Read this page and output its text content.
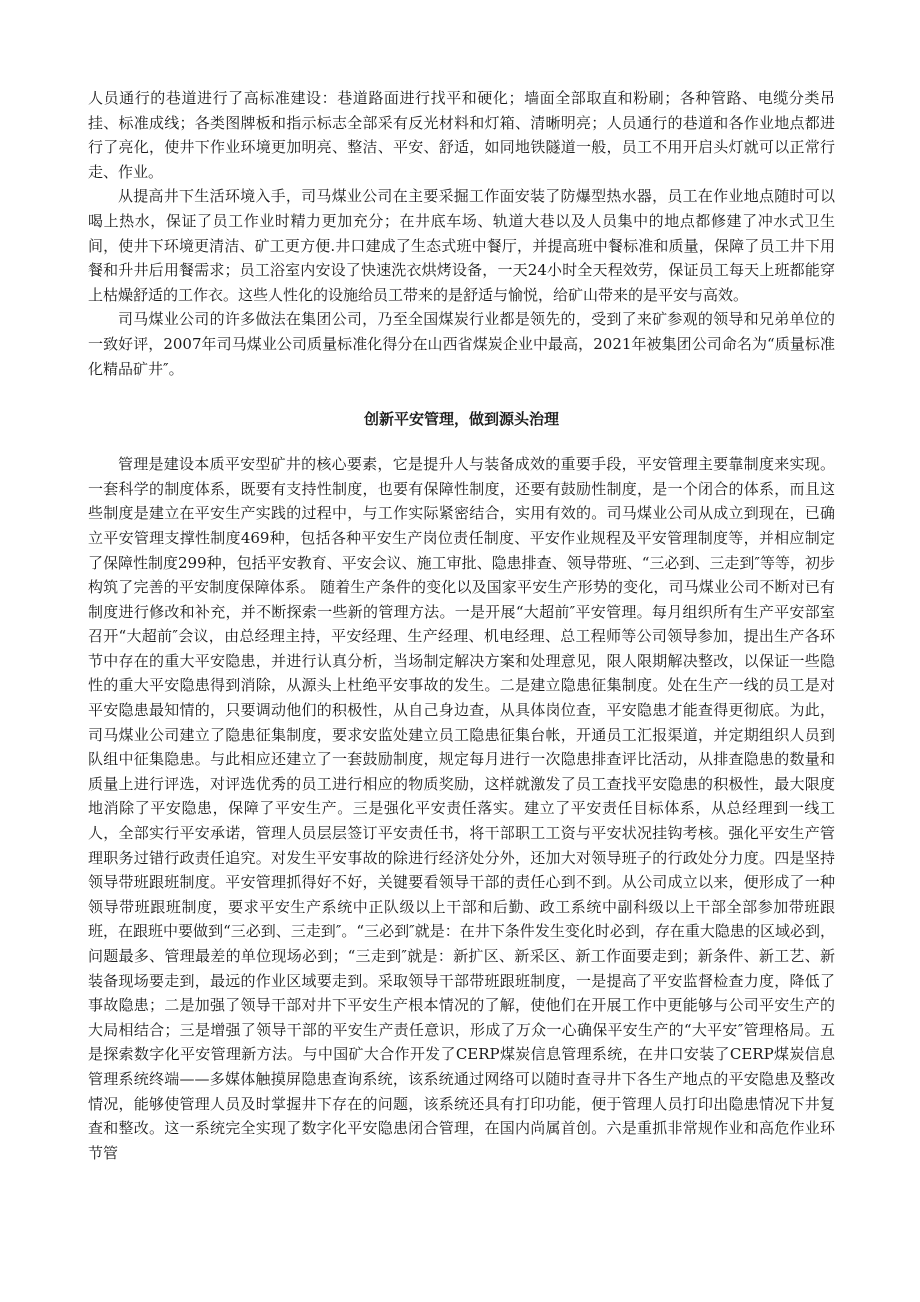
人员通行的巷道进行了高标准建设：巷道路面进行找平和硬化；墙面全部取直和粉刷；各种管路、电缆分类吊挂、标准成线；各类图牌板和指示标志全部采有反光材料和灯箱、清晰明亮；人员通行的巷道和各作业地点都进行了亮化，使井下作业环境更加明亮、整洁、平安、舒适，如同地铁隧道一般，员工不用开启头灯就可以正常行走、作业。

从提高井下生活环境入手，司马煤业公司在主要采掘工作面安装了防爆型热水器，员工在作业地点随时可以喝上热水，保证了员工作业时精力更加充分；在井底车场、轨道大巷以及人员集中的地点都修建了冲水式卫生间，使井下环境更清洁、矿工更方便.井口建成了生态式班中餐厅，并提高班中餐标准和质量，保障了员工井下用餐和升井后用餐需求；员工浴室内安设了快速洗衣烘烤设备，一天24小时全天程效劳，保证员工每天上班都能穿上枯燥舒适的工作衣。这些人性化的设施给员工带来的是舒适与愉悦，给矿山带来的是平安与高效。

司马煤业公司的许多做法在集团公司，乃至全国煤炭行业都是领先的，受到了来矿参观的领导和兄弟单位的一致好评，2007年司马煤业公司质量标准化得分在山西省煤炭企业中最高，2021年被集团公司命名为“质量标准化精品矿井″。

创新平安管理，做到源头治理

管理是建设本质平安型矿井的核心要素，它是提升人与装备成效的重要手段，平安管理主要靠制度来实现。一套科学的制度体系，既要有支持性制度，也要有保障性制度，还要有鼓励性制度，是一个闭合的体系，而且这些制度是建立在平安生产实践的过程中，与工作实际紧密结合，实用有效的。司马煤业公司从成立到现在，已确立平安管理支撑性制度469种，包括各种平安生产岗位责任制度、平安作业规程及平安管理制度等，并相应制定了保障性制度299种，包括平安教育、平安会议、施工审批、隐患排查、领导带班、“三必到、三走到″等等，初步构筑了完善的平安制度保障体系。 随着生产条件的变化以及国家平安生产形势的变化，司马煤业公司不断对已有制度进行修改和补充，并不断探索一些新的管理方法。一是开展“大超前″平安管理。每月组织所有生产平安部室召开“大超前″会议，由总经理主持，平安经理、生产经理、机电经理、总工程师等公司领导参加，提出生产各环节中存在的重大平安隐患，并进行认真分析，当场制定解决方案和处理意见，限人限期解决整改，以保证一些隐性的重大平安隐患得到消除，从源头上杜绝平安事故的发生。二是建立隐患征集制度。处在生产一线的员工是对平安隐患最知情的，只要调动他们的积极性，从自己身边查，从具体岗位查，平安隐患才能查得更彻底。为此，司马煤业公司建立了隐患征集制度，要求安监处建立员工隐患征集台帐，开通员工汇报渠道，并定期组织人员到队组中征集隐患。与此相应还建立了一套鼓励制度，规定每月进行一次隐患排查评比活动，从排查隐患的数量和质量上进行评选，对评选优秀的员工进行相应的物质奖励，这样就激发了员工查找平安隐患的积极性，最大限度地消除了平安隐患，保障了平安生产。三是强化平安责任落实。建立了平安责任目标体系，从总经理到一线工人，全部实行平安承诺，管理人员层层签订平安责任书，将干部职工工资与平安状况挂钩考核。强化平安生产管理职务过错行政责任追究。对发生平安事故的除进行经济处分外，还加大对领导班子的行政处分力度。四是坚持领导带班跟班制度。平安管理抓得好不好，关键要看领导干部的责任心到不到。从公司成立以来，便形成了一种领导带班跟班制度，要求平安生产系统中正队级以上干部和后勤、政工系统中副科级以上干部全部参加带班跟班，在跟班中要做到“三必到、三走到″。“三必到″就是：在井下条件发生变化时必到，存在重大隐患的区域必到，问题最多、管理最差的单位现场必到；“三走到″就是：新扩区、新采区、新工作面要走到；新条件、新工艺、新装备现场要走到，最远的作业区域要走到。采取领导干部带班跟班制度，一是提高了平安监督检查力度，降低了事故隐患；二是加强了领导干部对井下平安生产根本情况的了解，使他们在开展工作中更能够与公司平安生产的大局相结合；三是增强了领导干部的平安生产责任意识，形成了万众一心确保平安生产的“大平安″管理格局。五是探索数字化平安管理新方法。与中国矿大合作开发了CERP煤炭信息管理系统，在井口安装了CERP煤炭信息管理系统终端——多媒体触摸屏隐患查询系统，该系统通过网络可以随时查寻井下各生产地点的平安隐患及整改情况，能够使管理人员及时掌握井下存在的问题，该系统还具有打印功能，便于管理人员打印出隐患情况下井复查和整改。这一系统完全实现了数字化平安隐患闭合管理，在国内尚属首创。六是重抓非常规作业和高危作业环节管
